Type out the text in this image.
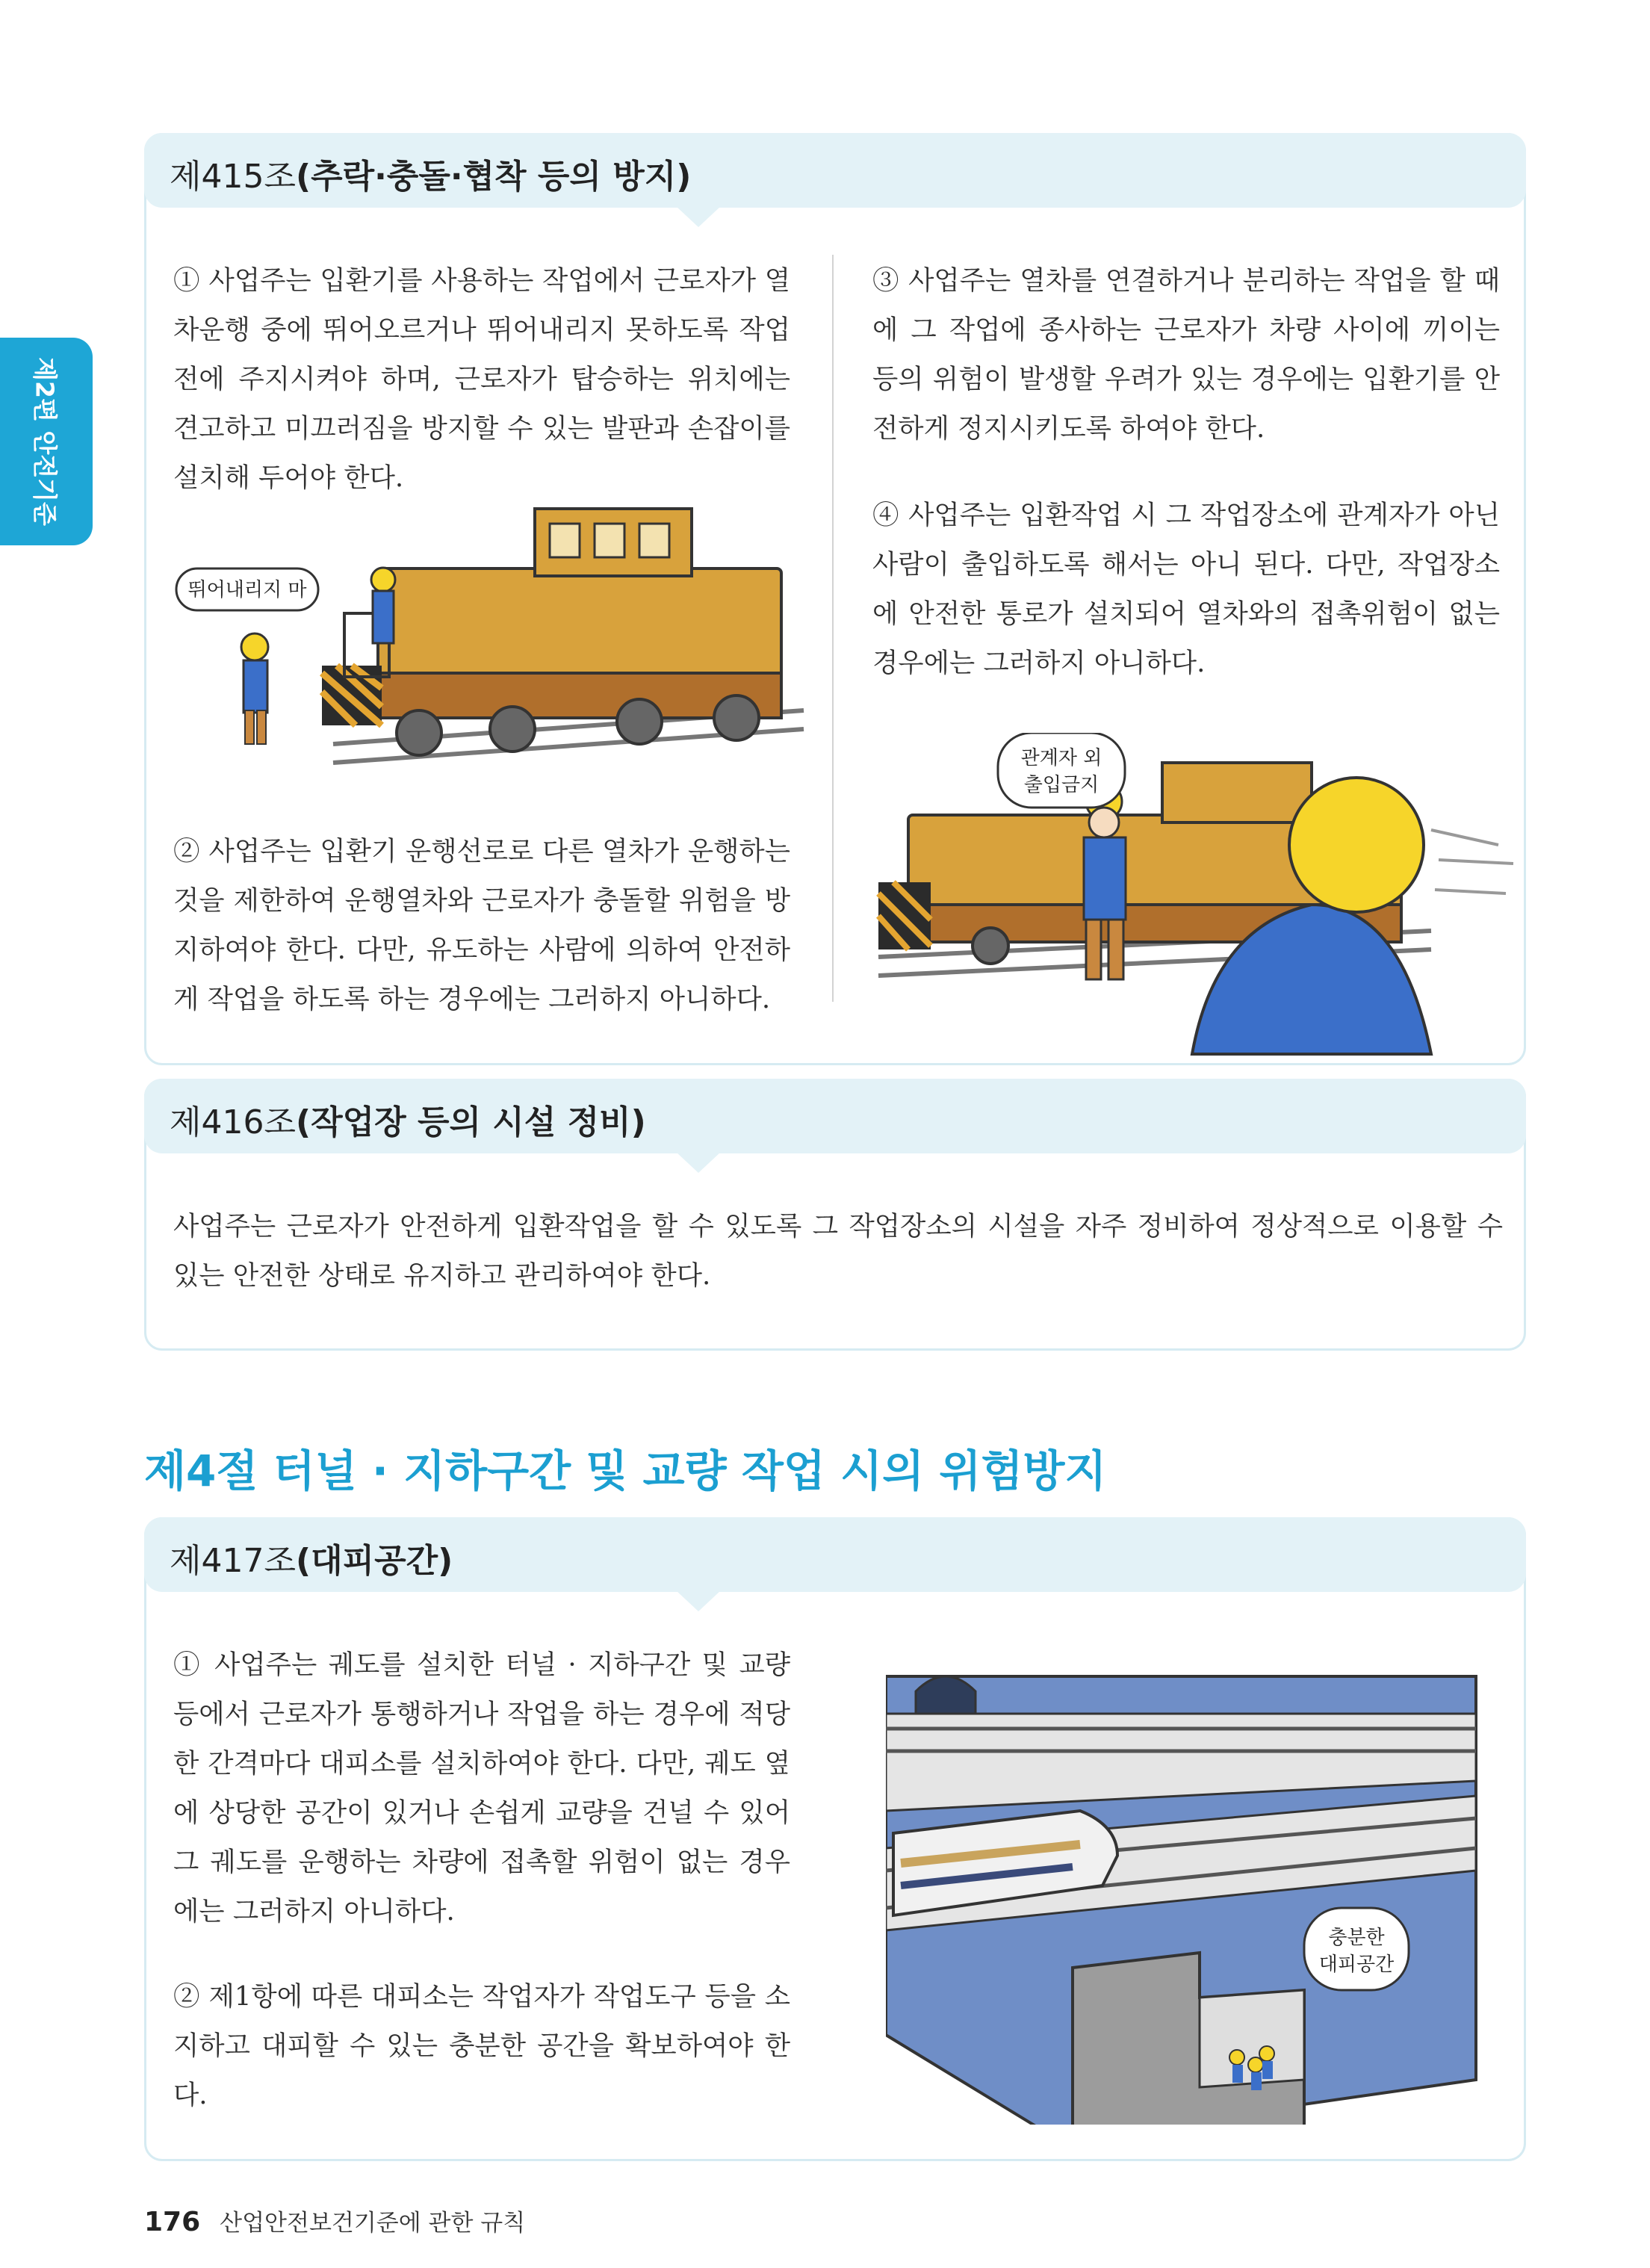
제2편 안전기준
제415조(추락·충돌·협착 등의 방지)
① 사업주는 입환기를 사용하는 작업에서 근로자가 열차운행 중에 뛰어오르거나 뛰어내리지 못하도록 작업 전에 주지시켜야 하며, 근로자가 탑승하는 위치에는 견고하고 미끄러짐을 방지할 수 있는 발판과 손잡이를 설치해 두어야 한다.
뛰어내리지 마
② 사업주는 입환기 운행선로로 다른 열차가 운행하는 것을 제한하여 운행열차와 근로자가 충돌할 위험을 방지하여야 한다. 다만, 유도하는 사람에 의하여 안전하게 작업을 하도록 하는 경우에는 그러하지 아니하다.
③ 사업주는 열차를 연결하거나 분리하는 작업을 할 때에 그 작업에 종사하는 근로자가 차량 사이에 끼이는 등의 위험이 발생할 우려가 있는 경우에는 입환기를 안전하게 정지시키도록 하여야 한다.
④ 사업주는 입환작업 시 그 작업장소에 관계자가 아닌 사람이 출입하도록 해서는 아니 된다. 다만, 작업장소에 안전한 통로가 설치되어 열차와의 접촉위험이 없는 경우에는 그러하지 아니하다.
관계자 외
출입금지
제416조(작업장 등의 시설 정비)
사업주는 근로자가 안전하게 입환작업을 할 수 있도록 그 작업장소의 시설을 자주 정비하여 정상적으로 이용할 수 있는 안전한 상태로 유지하고 관리하여야 한다.
제4절 터널 · 지하구간 및 교량 작업 시의 위험방지
제417조(대피공간)
① 사업주는 궤도를 설치한 터널 · 지하구간 및 교량 등에서 근로자가 통행하거나 작업을 하는 경우에 적당한 간격마다 대피소를 설치하여야 한다. 다만, 궤도 옆에 상당한 공간이 있거나 손쉽게 교량을 건널 수 있어 그 궤도를 운행하는 차량에 접촉할 위험이 없는 경우에는 그러하지 아니하다.
② 제1항에 따른 대피소는 작업자가 작업도구 등을 소지하고 대피할 수 있는 충분한 공간을 확보하여야 한다.
충분한
대피공간
176 산업안전보건기준에 관한 규칙
